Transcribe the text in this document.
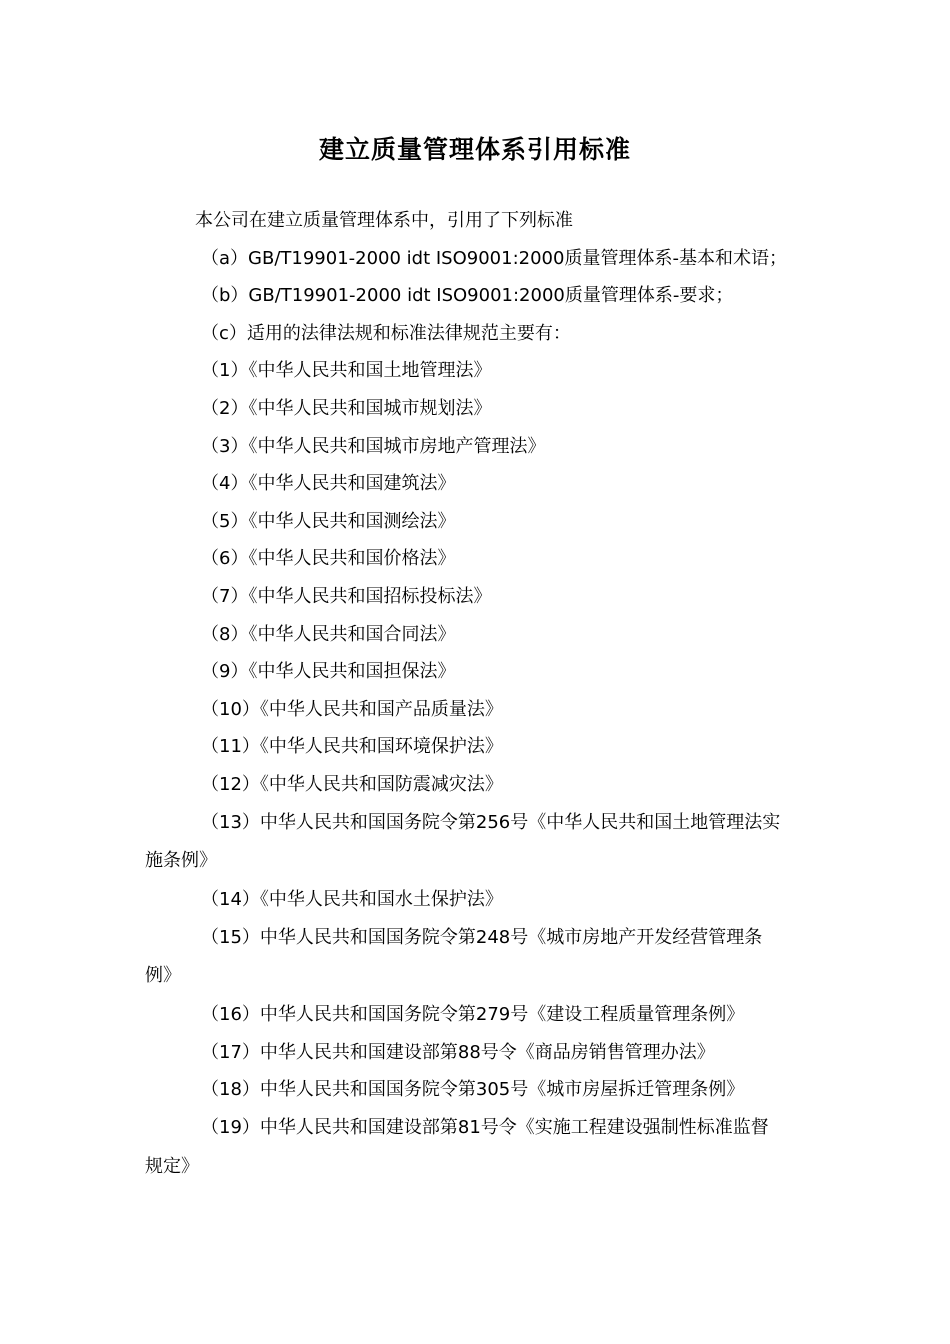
建立质量管理体系引用标准

本公司在建立质量管理体系中，引用了下列标准

（a）GB/T19901-2000 idt ISO9001:2000质量管理体系-基本和术语；

（b）GB/T19901-2000 idt ISO9001:2000质量管理体系-要求；

（c）适用的法律法规和标准法律规范主要有：

（1）《中华人民共和国土地管理法》

（2）《中华人民共和国城市规划法》

（3）《中华人民共和国城市房地产管理法》

（4）《中华人民共和国建筑法》

（5）《中华人民共和国测绘法》

（6）《中华人民共和国价格法》

（7）《中华人民共和国招标投标法》

（8）《中华人民共和国合同法》

（9）《中华人民共和国担保法》

（10）《中华人民共和国产品质量法》

（11）《中华人民共和国环境保护法》

（12）《中华人民共和国防震减灾法》

（13）中华人民共和国国务院令第256号《中华人民共和国土地管理法实

施条例》

（14）《中华人民共和国水土保护法》

（15）中华人民共和国国务院令第248号《城市房地产开发经营管理条

例》

（16）中华人民共和国国务院令第279号《建设工程质量管理条例》

（17）中华人民共和国建设部第88号令《商品房销售管理办法》

（18）中华人民共和国国务院令第305号《城市房屋拆迁管理条例》

（19）中华人民共和国建设部第81号令《实施工程建设强制性标准监督

规定》
